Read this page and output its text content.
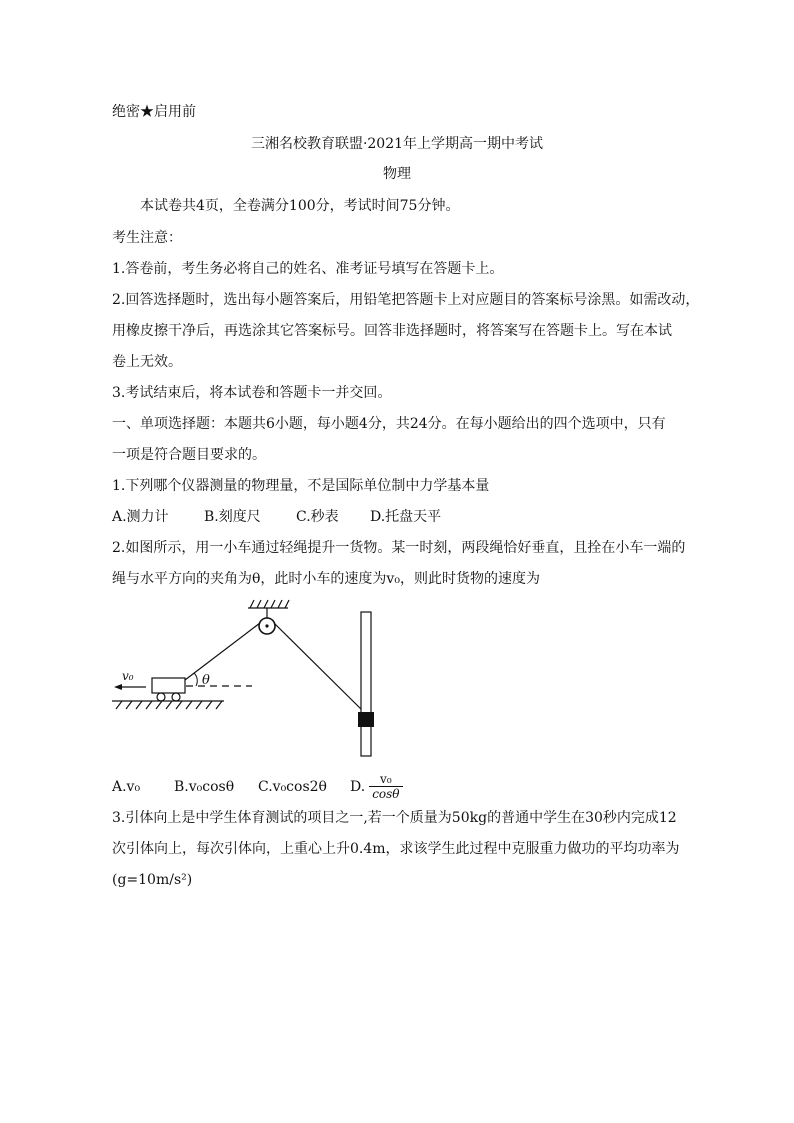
绝密★启用前
三湘名校教育联盟·2021年上学期高一期中考试
物理
本试卷共4页，全卷满分100分，考试时间75分钟。
考生注意：
1.答卷前，考生务必将自己的姓名、准考证号填写在答题卡上。
2.回答选择题时，选出每小题答案后，用铅笔把答题卡上对应题目的答案标号涂黑。如需改动，
用橡皮擦干净后，再选涂其它答案标号。回答非选择题时，将答案写在答题卡上。写在本试
卷上无效。
3.考试结束后，将本试卷和答题卡一并交回。
一、单项选择题：本题共6小题，每小题4分，共24分。在每小题给出的四个选项中，只有
一项是符合题目要求的。
1.下列哪个仪器测量的物理量，不是国际单位制中力学基本量
A.测力计	B.刻度尺	C.秒表 D.托盘天平
2.如图所示，用一小车通过轻绳提升一货物。某一时刻，两段绳恰好垂直，且拴在小车一端的
绳与水平方向的夹角为θ，此时小车的速度为v₀，则此时货物的速度为
θ
v₀
A.v₀ B.v₀cosθ C.v₀cos2θ D. $\frac{\text{v₀}}{\cos\theta}$
3.引体向上是中学生体育测试的项目之一,若一个质量为50kg的普通中学生在30秒内完成12
次引体向上，每次引体向，上重心上升0.4m，求该学生此过程中克服重力做功的平均功率为
(g=10m/s²)
